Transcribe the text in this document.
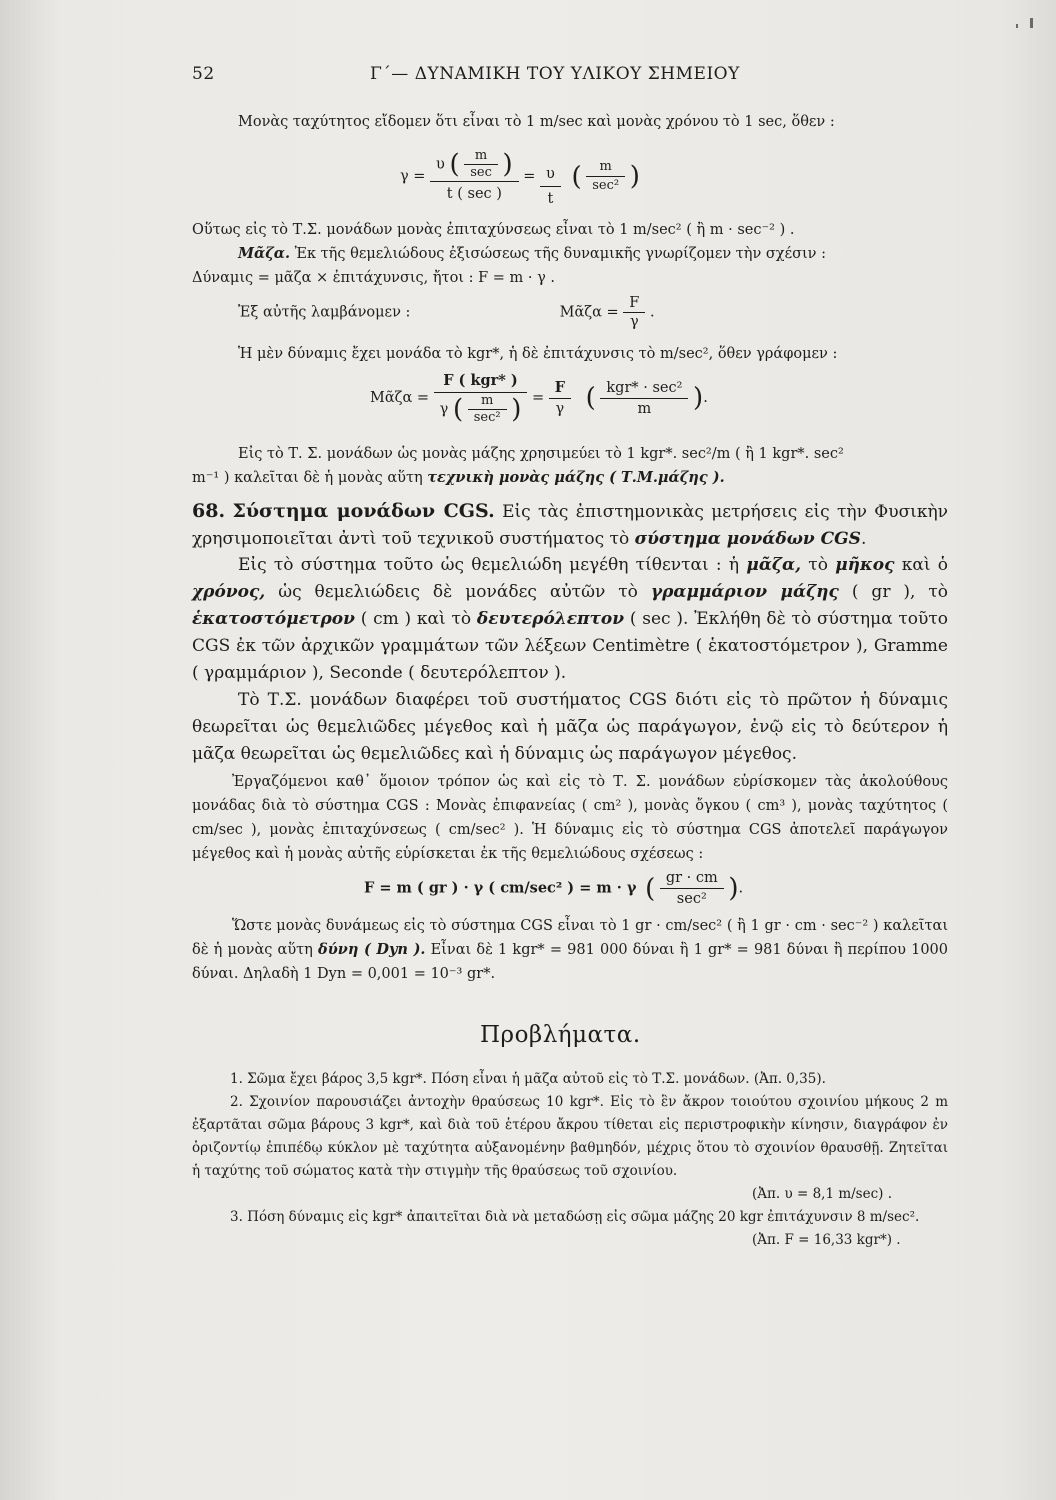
52	Γ΄— ΔΥΝΑΜΙΚΗ ΤΟΥ ΥΛΙΚΟΥ ΣΗΜΕΙΟΥ
Μονὰς ταχύτητος εἴδομεν ὅτι εἶναι τὸ 1 m/sec καὶ μονὰς χρόνου τὸ 1 sec, ὅθεν :
γ =
υ ( $\frac{m}{\sec}$ )
t ( sec )
= $\frac{\upsilon}{t}$ ( $\frac{m}{\text{sec²}}$ )
Οὕτως εἰς τὸ Τ.Σ. μονάδων μονὰς ἐπιταχύνσεως εἶναι τὸ 1 m/sec² ( ἢ m · sec⁻² ) .
Μᾶζα. Ἐκ τῆς θεμελιώδους ἐξισώσεως τῆς δυναμικῆς γνωρίζομεν τὴν σχέσιν :
Δύναμις = μᾶζα × ἐπιτάχυνσις, ἤτοι : F = m · γ .
Ἐξ αὐτῆς λαμβάνομεν :	Μᾶζα = $\frac{F}{\gamma}$ .
Ἡ μὲν δύναμις ἔχει μονάδα τὸ kgr*, ἡ δὲ ἐπιτάχυνσις τὸ m/sec², ὅθεν γράφομεν :
Μᾶζα =
F ( kgr* )
γ ( $\frac{m}{\text{sec²}}$ ) = $\frac{F}{\gamma}$ ( $\frac{\text{kgr* · sec²}}{m}$ ).
Εἰς τὸ Τ. Σ. μονάδων ὡς μονὰς μάζης χρησιμεύει τὸ 1 kgr*. sec²/m ( ἢ 1 kgr*. sec²
m⁻¹ ) καλεῖται δὲ ἡ μονὰς αὕτη τεχνικὴ μονὰς μάζης ( Τ.Μ.μάζης ).
68. Σύστημα μονάδων CGS. Εἰς τὰς ἐπιστημονικὰς μετρήσεις εἰς τὴν Φυσικὴν χρησιμοποιεῖται ἀντὶ τοῦ τεχνικοῦ συστήματος τὸ σύστημα μονάδων CGS.
Εἰς τὸ σύστημα τοῦτο ὡς θεμελιώδη μεγέθη τίθενται : ἡ μᾶζα, τὸ μῆκος καὶ ὁ χρόνος, ὡς θεμελιώδεις δὲ μονάδες αὐτῶν τὸ γραμμάριον μάζης ( gr ), τὸ ἑκατοστόμετρον ( cm ) καὶ τὸ δευτερόλεπτον ( sec ). Ἐκλήθη δὲ τὸ σύστημα τοῦτο CGS ἐκ τῶν ἀρχικῶν γραμμάτων τῶν λέξεων Centimètre ( ἑκατοστόμετρον ), Gramme ( γραμμάριον ), Seconde ( δευτερόλεπτον ).
Τὸ Τ.Σ. μονάδων διαφέρει τοῦ συστήματος CGS διότι εἰς τὸ πρῶτον ἡ δύναμις θεωρεῖται ὡς θεμελιῶδες μέγεθος καὶ ἡ μᾶζα ὡς παράγωγον, ἐνῷ εἰς τὸ δεύτερον ἡ μᾶζα θεωρεῖται ὡς θεμελιῶδες καὶ ἡ δύναμις ὡς παράγωγον μέγεθος.
Ἐργαζόμενοι καθ᾽ ὅμοιον τρόπον ὡς καὶ εἰς τὸ Τ. Σ. μονάδων εὑρίσκομεν τὰς ἀκολούθους μονάδας διὰ τὸ σύστημα CGS : Μονὰς ἐπιφανείας ( cm² ), μονὰς ὄγκου ( cm³ ), μονὰς ταχύτητος ( cm/sec ), μονὰς ἐπιταχύνσεως ( cm/sec² ). Ἡ δύναμις εἰς τὸ σύστημα CGS ἀποτελεῖ παράγωγον μέγεθος καὶ ἡ μονὰς αὐτῆς εὑρίσκεται ἐκ τῆς θεμελιώδους σχέσεως :
F = m ( gr ) · γ ( cm/sec² ) = m · γ ( $\frac{gr \cdot cm}{\text{sec²}}$ ).
Ὥστε μονὰς δυνάμεως εἰς τὸ σύστημα CGS εἶναι τὸ 1 gr · cm/sec² ( ἢ 1 gr · cm · sec⁻² ) καλεῖται δὲ ἡ μονὰς αὕτη δύνη ( Dyn ). Εἶναι δὲ 1 kgr* = 981 000 δύναι ἢ 1 gr* = 981 δύναι ἢ περίπου 1000 δύναι. Δηλαδὴ 1 Dyn = 0,001 = 10⁻³ gr*.
Προβλήματα.
1. Σῶμα ἔχει βάρος 3,5 kgr*. Πόση εἶναι ἡ μᾶζα αὐτοῦ εἰς τὸ Τ.Σ. μονάδων. (Ἀπ. 0,35).
2. Σχοινίον παρουσιάζει ἀντοχὴν θραύσεως 10 kgr*. Εἰς τὸ ἓν ἄκρον τοιούτου σχοινίου μήκους 2 m ἐξαρτᾶται σῶμα βάρους 3 kgr*, καὶ διὰ τοῦ ἑτέρου ἄκρου τίθεται εἰς περιστροφικὴν κίνησιν, διαγράφον ἐν ὁριζοντίῳ ἐπιπέδῳ κύκλον μὲ ταχύτητα αὐξανομένην βαθμηδόν, μέχρις ὅτου τὸ σχοινίον θραυσθῇ. Ζητεῖται ἡ ταχύτης τοῦ σώματος κατὰ τὴν στιγμὴν τῆς θραύσεως τοῦ σχοινίου.
(Ἀπ. υ = 8,1 m/sec) .
3. Πόση δύναμις εἰς kgr* ἀπαιτεῖται διὰ νὰ μεταδώσῃ εἰς σῶμα μάζης 20 kgr ἐπιτάχυνσιν 8 m/sec².
(Ἀπ. F = 16,33 kgr*) .
